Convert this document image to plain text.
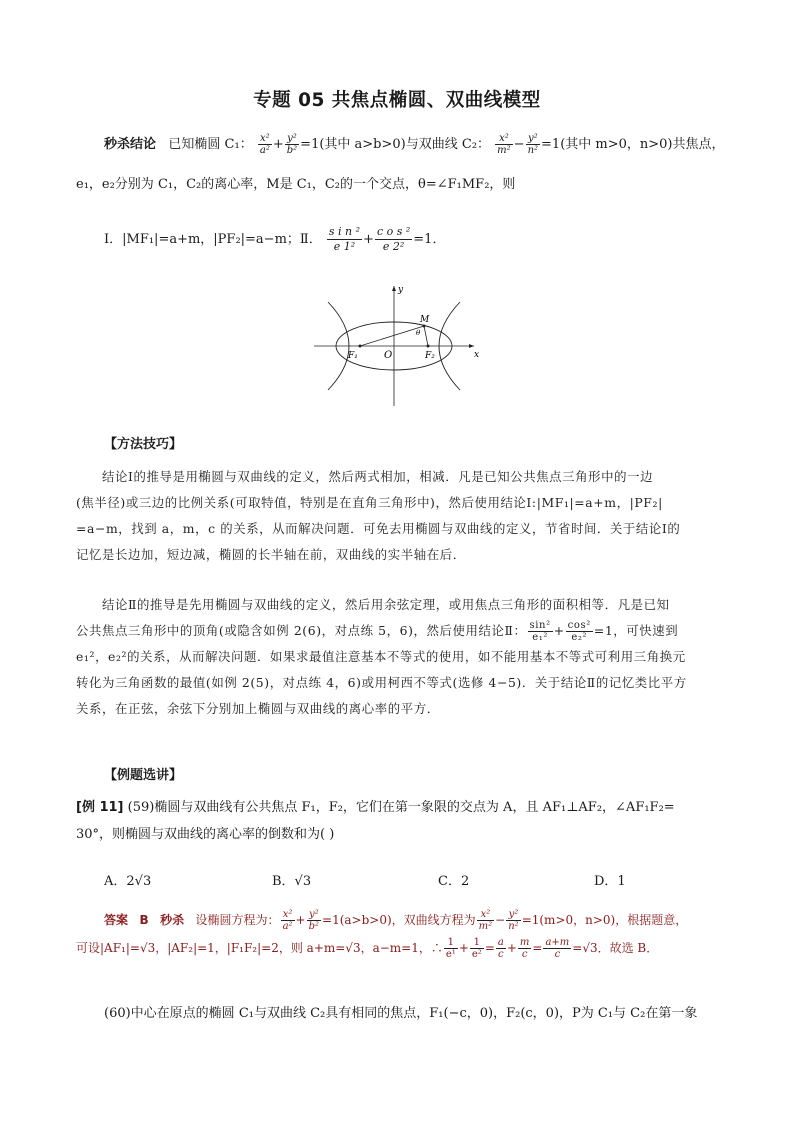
专题 05 共焦点椭圆、双曲线模型
秒杀结论 已知椭圆 C₁： $\frac{\text{x²}}{\text{a²}} + \frac{\text{y²}}{\text{b²}} =1$(其中 a>b>0)与双曲线 C₂： $\frac{\text{x²}}{\text{m²}} - \frac{\text{y²}}{\text{n²}} =1$(其中 m>0，n>0)共焦点，
e₁，e₂分别为 C₁，C₂的离心率，M是 C₁，C₂的一个交点，θ=∠F₁MF₂，则
Ⅰ．|MF₁|=a+m，|PF₂|=a−m；Ⅱ． $\frac{\text{s i n ²}}{\text{e 1²}} + \frac{\text{c o s ²}}{\text{e 2²}} =1$．
y
x
O
F₁	F₂
M
θ
【方法技巧】
结论Ⅰ的推导是用椭圆与双曲线的定义，然后两式相加，相减．凡是已知公共焦点三角形中的一边
(焦半径)或三边的比例关系(可取特值，特别是在直角三角形中)，然后使用结论Ⅰ:|MF₁|=a+m，|PF₂|
=a−m，找到 a，m，c 的关系，从而解决问题．可免去用椭圆与双曲线的定义，节省时间．关于结论Ⅰ的
记忆是长边加，短边减，椭圆的长半轴在前，双曲线的实半轴在后．
结论Ⅱ的推导是先用椭圆与双曲线的定义，然后用余弦定理，或用焦点三角形的面积相等．凡是已知
公共焦点三角形中的顶角(或隐含如例 2(6)，对点练 5，6)，然后使用结论Ⅱ： $\frac{\text{sin²}}{\text{e₁²}} + \frac{\text{cos²}}{\text{e₂²}} =1$，可快速到
e₁²，e₂²的关系，从而解决问题．如果求最值注意基本不等式的使用，如不能用基本不等式可利用三角换元
转化为三角函数的最值(如例 2(5)，对点练 4，6)或用柯西不等式(选修 4−5)．关于结论Ⅱ的记忆类比平方
关系，在正弦，余弦下分别加上椭圆与双曲线的离心率的平方．
【例题选讲】
[例 11] (59)椭圆与双曲线有公共焦点 F₁，F₂，它们在第一象限的交点为 A，且 AF₁⊥AF₂，∠AF₁F₂=
30°，则椭圆与双曲线的离心率的倒数和为( )
A．2√3	B．√3	C．2	D．1
答案 B 秒杀 设椭圆方程为： $\frac{\text{x²}}{\text{a²}} + \frac{\text{y²}}{\text{b²}} =1(a>b>0)$，双曲线方程为 $\frac{\text{x²}}{\text{m²}} - \frac{\text{y²}}{\text{n²}} =1(m>0$，n>0)，根据题意，
可设|AF₁|=√3，|AF₂|=1，|F₁F₂|=2，则 a+m=√3，a−m=1，∴ $\frac{1}{\text{e¹}} + \frac{1}{\text{e²}} = \frac{a}{c} + \frac{m}{c} = \frac{a+m}{c} =√3$．故选 B．
(60)中心在原点的椭圆 C₁与双曲线 C₂具有相同的焦点，F₁(−c，0)，F₂(c，0)，P为 C₁与 C₂在第一象
